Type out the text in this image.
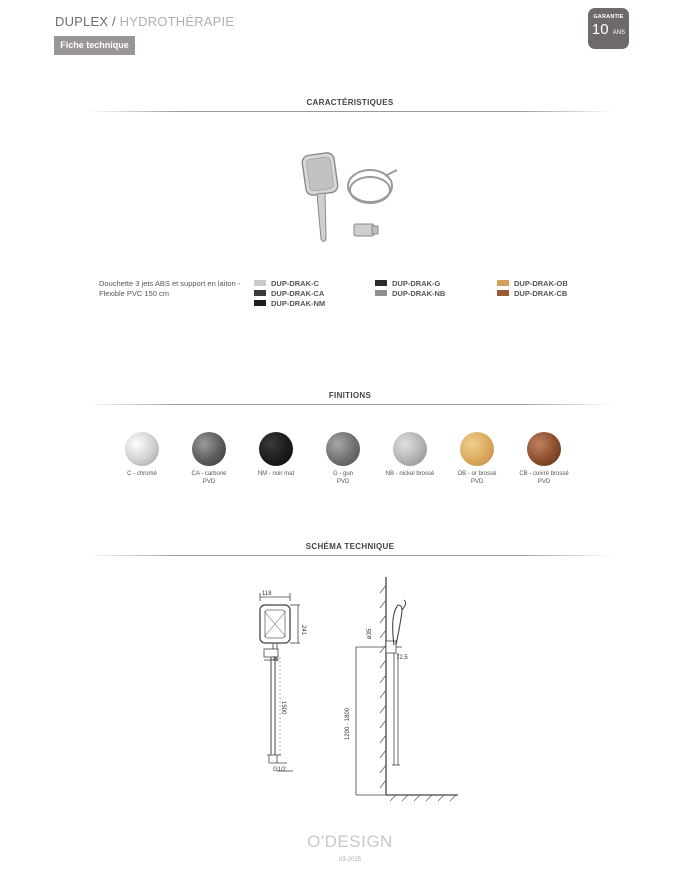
DUPLEX / HYDROTHÉRAPIE
Fiche technique
GARANTIE
10 ANS
CARACTÉRISTIQUES
Douchette 3 jets ABS et support en laiton - Flexible PVC 150 cm
DUP-DRAK-C
DUP-DRAK-CA
DUP-DRAK-NM
DUP-DRAK-G
DUP-DRAK-NB
DUP-DRAK-OB
DUP-DRAK-CB
FINITIONS
C - chromé	CA - carbone
PVD
NM - noir mat	G - gun
PVD
NB - nickel brossé	OB - or brossé
PVD
CB - cuivré brossé
PVD
SCHÉMA TECHNIQUE
118
241
76
1500
G1/2
ø35
72.5
1200 · 1800
O'DESIGN
03-2025
